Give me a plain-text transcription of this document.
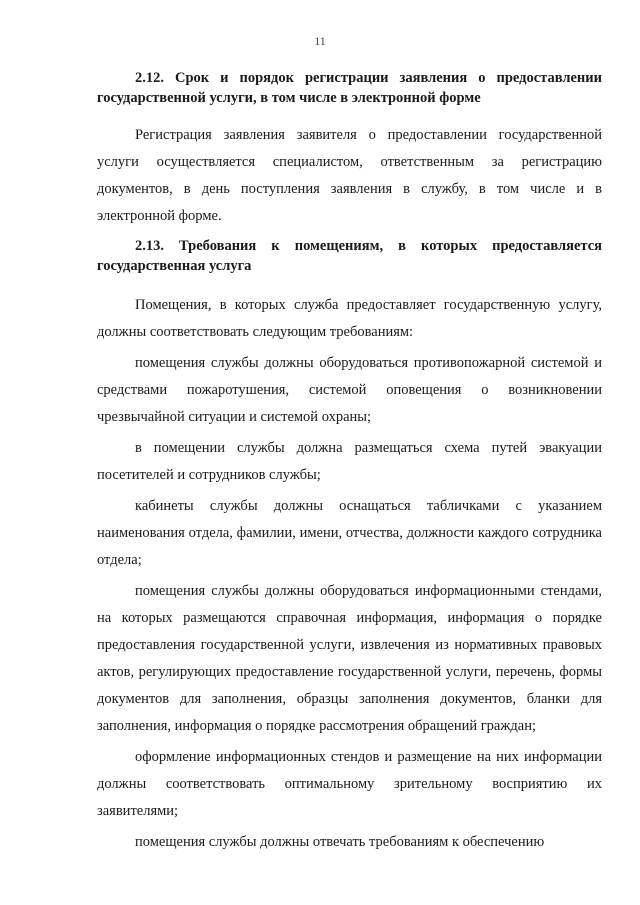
11

2.12. Срок и порядок регистрации заявления о предоставлении государственной услуги, в том числе в электронной форме

Регистрация заявления заявителя о предоставлении государственной услуги осуществляется специалистом, ответственным за регистрацию документов, в день поступления заявления в службу, в том числе и в электронной форме.

2.13. Требования к помещениям, в которых предоставляется государственная услуга

Помещения, в которых служба предоставляет государственную услугу, должны соответствовать следующим требованиям:

помещения службы должны оборудоваться противопожарной системой и средствами пожаротушения, системой оповещения о возникновении чрезвычайной ситуации и системой охраны;

в помещении службы должна размещаться схема путей эвакуации посетителей и сотрудников службы;

кабинеты службы должны оснащаться табличками с указанием наименования отдела, фамилии, имени, отчества, должности каждого сотрудника отдела;

помещения службы должны оборудоваться информационными стендами, на которых размещаются справочная информация, информация о порядке предоставления государственной услуги, извлечения из нормативных правовых актов, регулирующих предоставление государственной услуги, перечень, формы документов для заполнения, образцы заполнения документов, бланки для заполнения, информация о порядке рассмотрения обращений граждан;

оформление информационных стендов и размещение на них информации должны соответствовать оптимальному зрительному восприятию их заявителями;

помещения службы должны отвечать требованиям к обеспечению
